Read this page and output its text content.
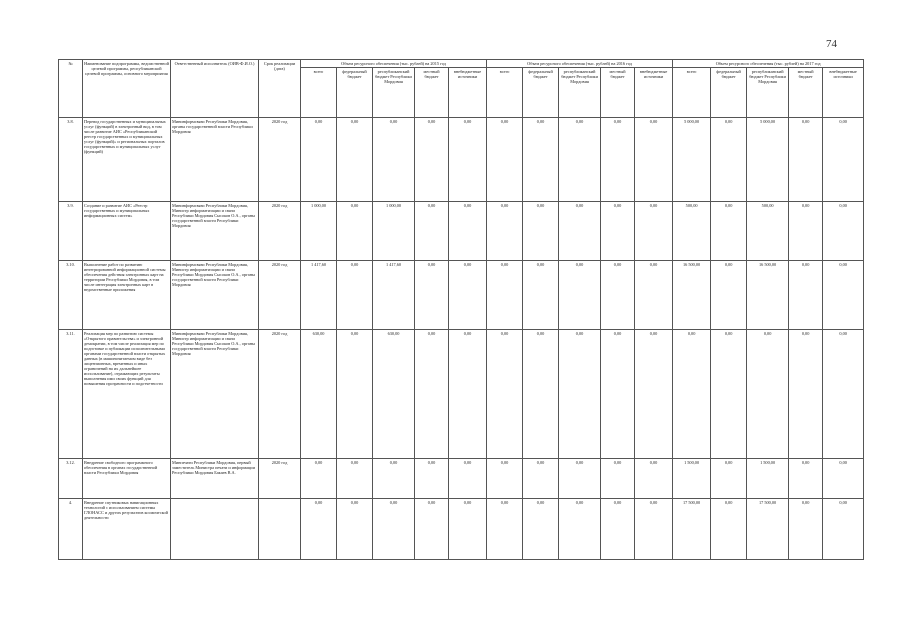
74
№	Наименование подпрограммы, ведомственной целевой программы, республиканской целевой программы, основного мероприятия	Ответственный исполнитель (ОИВ-Ф.И.О.)	Срок реализации (дата)	Объем ресурсного обеспечения (тыс. рублей) на 2015 год					Объем ресурсного обеспечения (тыс. рублей) на 2016 год					Объем ресурсного обеспечения (тыс. рублей) на 2017 год				
				всего	федеральный бюджет	республиканский бюджет Республики Мордовия	местный бюджет	внебюджетные источники	всего	федеральный бюджет	республиканский бюджет Республики Мордовия	местный бюджет	внебюджетные источники	всего	федеральный бюджет	республиканский бюджет Республики Мордовия	местный бюджет	внебюджетные источники
3.8.	Перевод государственных и муниципальных услуг (функций) в электронный вид, в том числе развитие АИС «Республиканский реестр государственных и муниципальных услуг (функций)» и региональных порталов государственных и муниципальных услуг (функций)	Мининформсвязи Республики Мордовия, органы государственной власти Республики Мордовия	2020 год	0,00	0,00	0,00	0,00	0,00	0,00	0,00	0,00	0,00	0,00	5 000,00	0,00	5 000,00	0,00	0,00
3.9.	Создание и развитие АИС «Реестр государственных и муниципальных информационных систем»	Мининформсвязи Республики Мордовия, Министр информатизации и связи Республики Мордовия Сысоков О.А., органы государственной власти Республики Мордовия	2020 год	1 000,00	0,00	1 000,00	0,00	0,00	0,00	0,00	0,00	0,00	0,00	500,00	0,00	500,00	0,00	0,00
3.10.	Выполнение работ по развитию интегрированной информационной системы обеспечения действия электронных карт на территории Республики Мордовия, в том числе интеграция электронных карт в ведомственные приложения	Мининформсвязи Республики Мордовия, Министр информатизации и связи Республики Мордовия Сысоков О.А., органы государственной власти Республики Мордовия	2020 год	1 417,60	0,00	1 417,60	0,00	0,00	0,00	0,00	0,00	0,00	0,00	16 500,00	0,00	16 500,00	0,00	0,00
3.11.	Реализация мер по развитию системы «Открытого правительства» и электронной демократии, в том числе реализация мер по подготовке и публикации исполнительными органами государственной власти открытых данных (в машиночитаемом виде без лицензионных, временных и иных ограничений на их дальнейшее использование), отражающих результаты выполнения ими своих функций для повышения прозрачности и подотчетности	Мининформсвязи Республики Мордовия, Министр информатизации и связи Республики Мордовия Сысоков О.А., органы государственной власти Республики Мордовия	2020 год	630,00	0,00	630,00	0,00	0,00	0,00	0,00	0,00	0,00	0,00	0,00	0,00	0,00	0,00	0,00
3.12.	Внедрение свободного программного обеспечения в органах государственной власти Республики Мордовия	Минпечати Республики Мордовия, первый заместитель Министра печати и информации Республики Мордовия Бакаев В.А.	2020 год	0,00	0,00	0,00	0,00	0,00	0,00	0,00	0,00	0,00	0,00	1 500,00	0,00	1 500,00	0,00	0,00
4.	Внедрение спутниковых навигационных технологий с использованием системы ГЛОНАСС и других результатов космической деятельности			0,00	0,00	0,00	0,00	0,00	0,00	0,00	0,00	0,00	0,00	17 500,00	0,00	17 500,00	0,00	0,00
